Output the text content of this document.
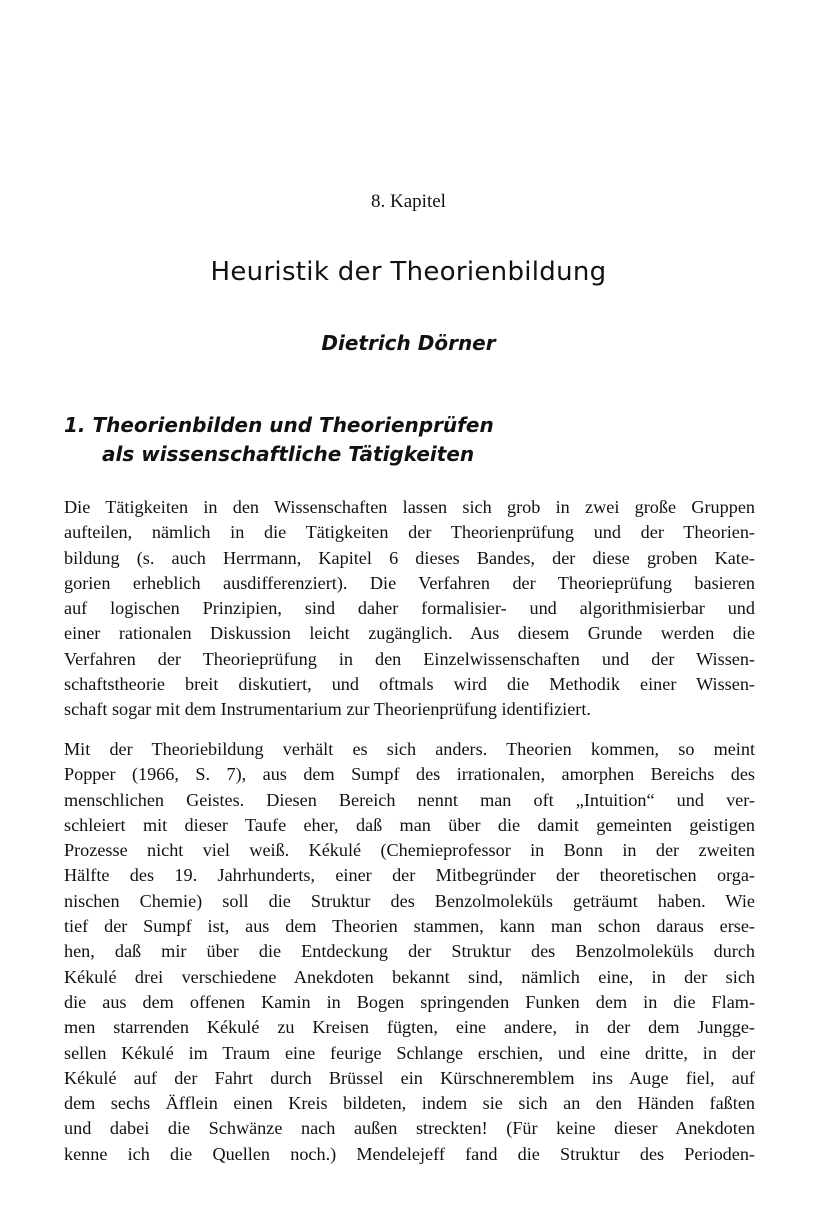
8. Kapitel
Heuristik der Theorienbildung
Dietrich Dörner
1. Theorienbilden und Theorienprüfen
als wissenschaftliche Tätigkeiten
Die Tätigkeiten in den Wissenschaften lassen sich grob in zwei große Gruppen
aufteilen, nämlich in die Tätigkeiten der Theorienprüfung und der Theorien-
bildung (s. auch Herrmann, Kapitel 6 dieses Bandes, der diese groben Kate-
gorien erheblich ausdifferenziert). Die Verfahren der Theorieprüfung basieren
auf logischen Prinzipien, sind daher formalisier- und algorithmisierbar und
einer rationalen Diskussion leicht zugänglich. Aus diesem Grunde werden die
Verfahren der Theorieprüfung in den Einzelwissenschaften und der Wissen-
schaftstheorie breit diskutiert, und oftmals wird die Methodik einer Wissen-
schaft sogar mit dem Instrumentarium zur Theorienprüfung identifiziert.
Mit der Theoriebildung verhält es sich anders. Theorien kommen, so meint
Popper (1966, S. 7), aus dem Sumpf des irrationalen, amorphen Bereichs des
menschlichen Geistes. Diesen Bereich nennt man oft „Intuition“ und ver-
schleiert mit dieser Taufe eher, daß man über die damit gemeinten geistigen
Prozesse nicht viel weiß. Kékulé (Chemieprofessor in Bonn in der zweiten
Hälfte des 19. Jahrhunderts, einer der Mitbegründer der theoretischen orga-
nischen Chemie) soll die Struktur des Benzolmoleküls geträumt haben. Wie
tief der Sumpf ist, aus dem Theorien stammen, kann man schon daraus erse-
hen, daß mir über die Entdeckung der Struktur des Benzolmoleküls durch
Kékulé drei verschiedene Anekdoten bekannt sind, nämlich eine, in der sich
die aus dem offenen Kamin in Bogen springenden Funken dem in die Flam-
men starrenden Kékulé zu Kreisen fügten, eine andere, in der dem Jungge-
sellen Kékulé im Traum eine feurige Schlange erschien, und eine dritte, in der
Kékulé auf der Fahrt durch Brüssel ein Kürschneremblem ins Auge fiel, auf
dem sechs Äfflein einen Kreis bildeten, indem sie sich an den Händen faßten
und dabei die Schwänze nach außen streckten! (Für keine dieser Anekdoten
kenne ich die Quellen noch.) Mendelejeff fand die Struktur des Perioden-
